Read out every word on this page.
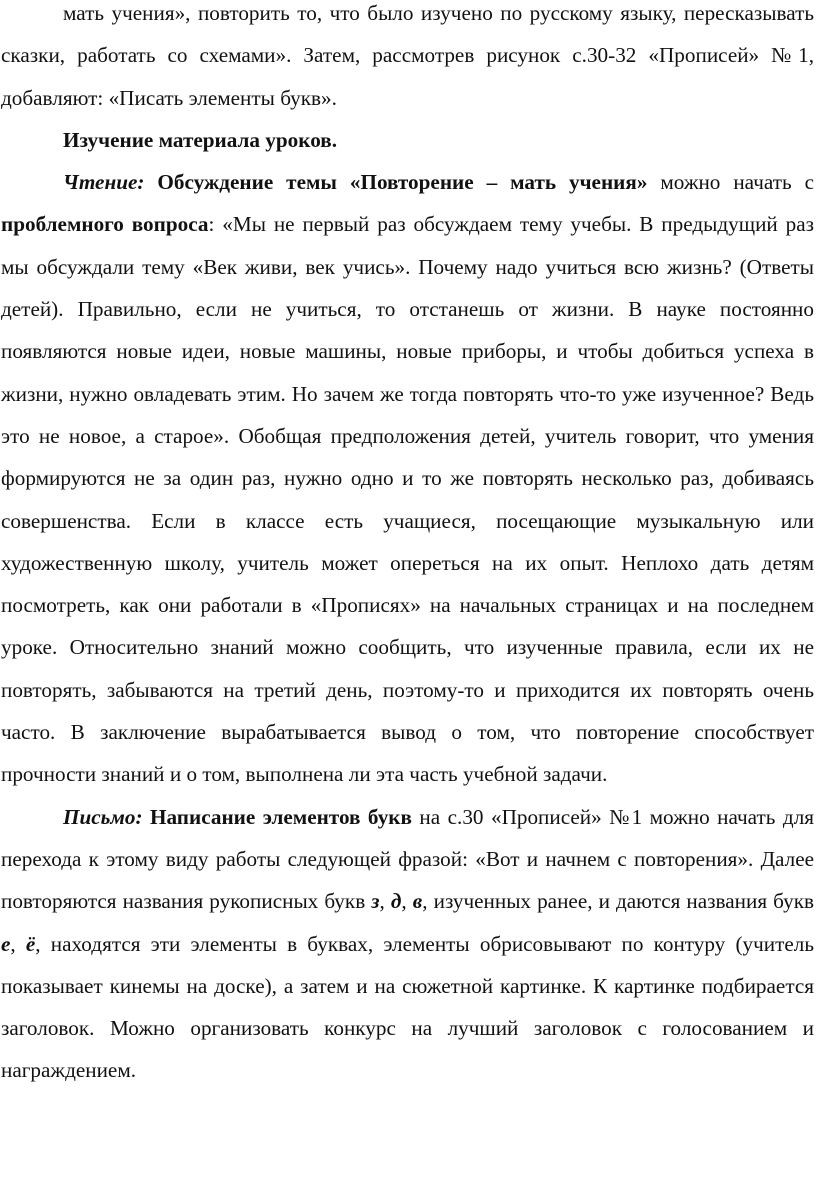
мать учения», повторить то, что было изучено по русскому языку, пересказывать сказки, работать со схемами». Затем, рассмотрев рисунок с.30-32 «Прописей» №1, добавляют: «Писать элементы букв».

Изучение материала уроков.

Чтение: Обсуждение темы «Повторение – мать учения» можно начать с проблемного вопроса: «Мы не первый раз обсуждаем тему учебы. В предыдущий раз мы обсуждали тему «Век живи, век учись». Почему надо учиться всю жизнь? (Ответы детей). Правильно, если не учиться, то отстанешь от жизни. В науке постоянно появляются новые идеи, новые машины, новые приборы, и чтобы добиться успеха в жизни, нужно овладевать этим. Но зачем же тогда повторять что-то уже изученное? Ведь это не новое, а старое». Обобщая предположения детей, учитель говорит, что умения формируются не за один раз, нужно одно и то же повторять несколько раз, добиваясь совершенства. Если в классе есть учащиеся, посещающие музыкальную или художественную школу, учитель может опереться на их опыт. Неплохо дать детям посмотреть, как они работали в «Прописях» на начальных страницах и на последнем уроке. Относительно знаний можно сообщить, что изученные правила, если их не повторять, забываются на третий день, поэтому-то и приходится их повторять очень часто. В заключение вырабатывается вывод о том, что повторение способствует прочности знаний и о том, выполнена ли эта часть учебной задачи.

Письмо: Написание элементов букв на с.30 «Прописей» №1 можно начать для перехода к этому виду работы следующей фразой: «Вот и начнем с повторения». Далее повторяются названия рукописных букв з, д, в, изученных ранее, и даются названия букв е, ё, находятся эти элементы в буквах, элементы обрисовывают по контуру (учитель показывает кинемы на доске), а затем и на сюжетной картинке. К картинке подбирается заголовок. Можно организовать конкурс на лучший заголовок с голосованием и награждением.
